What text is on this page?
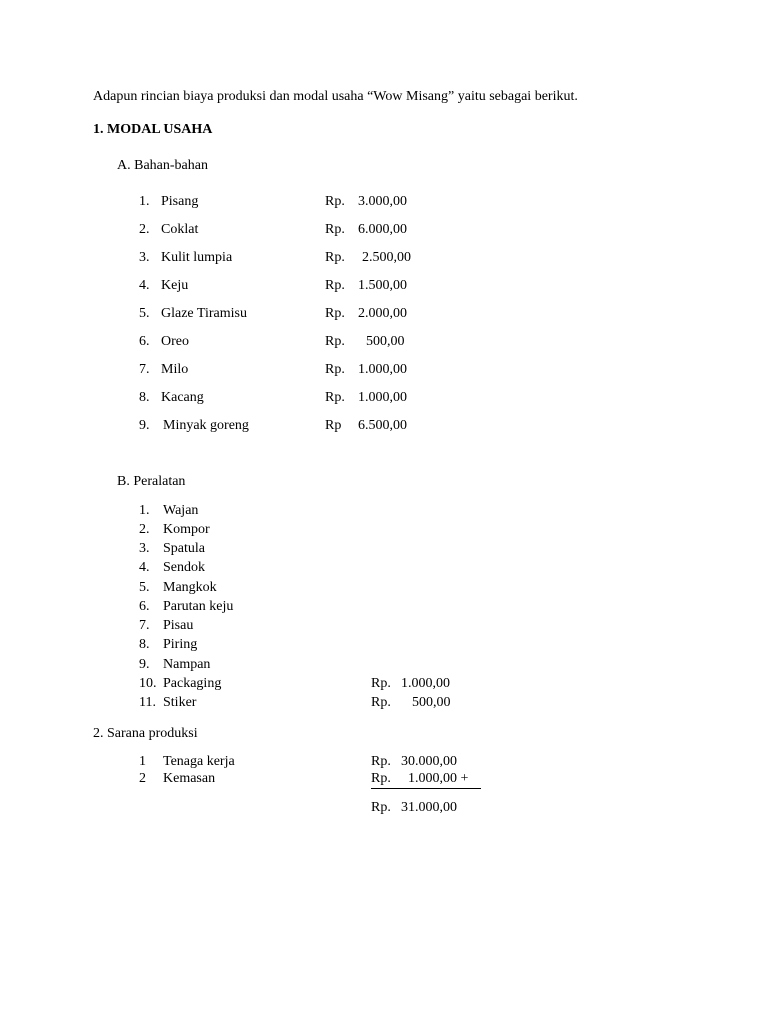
Adapun rincian biaya produksi dan modal usaha “Wow Misang” yaitu sebagai berikut.
1. MODAL USAHA
A. Bahan-bahan
1. Pisang	Rp. 3.000,00
2. Coklat	Rp. 6.000,00
3. Kulit lumpia	Rp. 2.500,00
4. Keju	Rp. 1.500,00
5. Glaze Tiramisu	Rp. 2.000,00
6. Oreo	Rp. 500,00
7. Milo	Rp. 1.000,00
8. Kacang	Rp. 1.000,00
9. Minyak goreng	Rp 6.500,00
B. Peralatan
1. Wajan
2. Kompor
3. Spatula
4. Sendok
5. Mangkok
6. Parutan keju
7. Pisau
8. Piring
9. Nampan
10. Packaging	Rp. 1.000,00
11. Stiker	Rp. 500,00
2. Sarana produksi
1 Tenaga kerja	Rp. 30.000,00
2 Kemasan	Rp. 1.000,00 +
Rp. 31.000,00
